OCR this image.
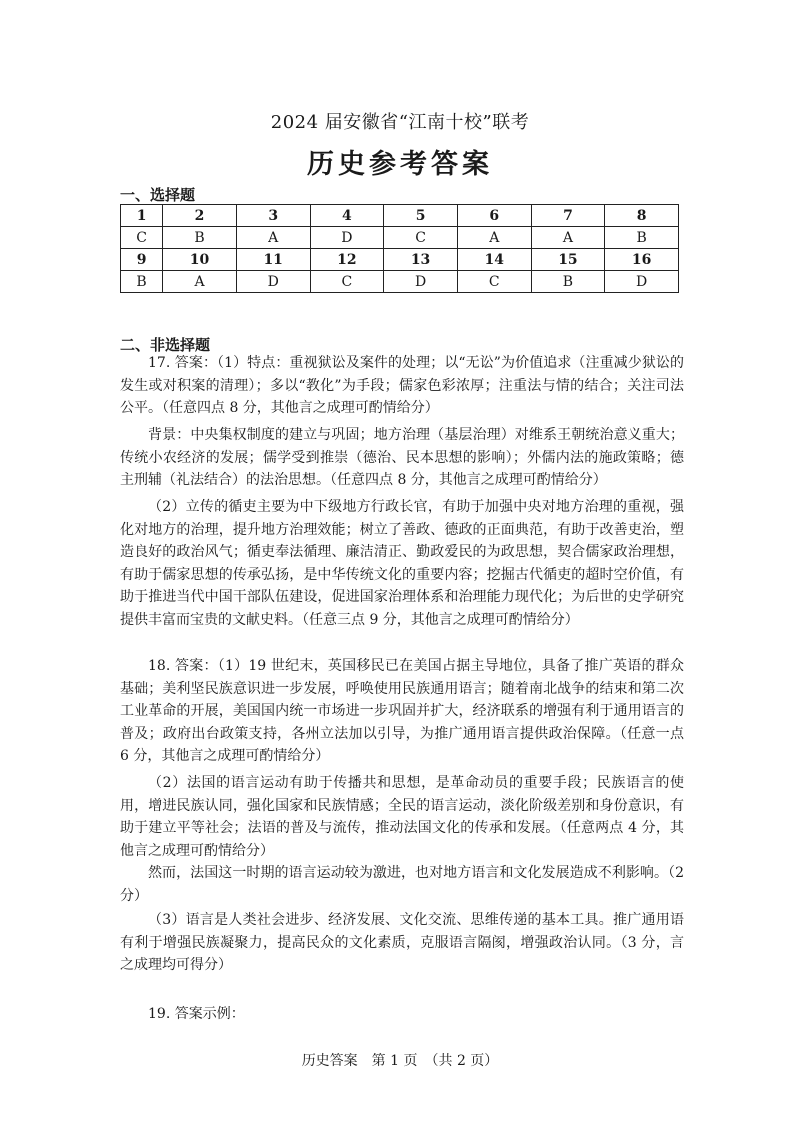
2024 届安徽省“江南十校”联考
历史参考答案
一、选择题
1	2	3	4	5	6	7	8
C	B	A	D	C	A	A	B
9	10	11	12	13	14	15	16
B	A	D	C	D	C	B	D
二、非选择题
17. 答案：（1）特点：重视狱讼及案件的处理；以“无讼”为价值追求（注重减少狱讼的发生或对积案的清理）；多以“教化”为手段；儒家色彩浓厚；注重法与情的结合；关注司法公平。（任意四点 8 分，其他言之成理可酌情给分）
背景：中央集权制度的建立与巩固；地方治理（基层治理）对维系王朝统治意义重大；传统小农经济的发展；儒学受到推崇（德治、民本思想的影响）；外儒内法的施政策略；德主刑辅（礼法结合）的法治思想。（任意四点 8 分，其他言之成理可酌情给分）
（2）立传的循吏主要为中下级地方行政长官，有助于加强中央对地方治理的重视，强化对地方的治理，提升地方治理效能；树立了善政、德政的正面典范，有助于改善吏治，塑造良好的政治风气；循吏奉法循理、廉洁清正、勤政爱民的为政思想，契合儒家政治理想，有助于儒家思想的传承弘扬，是中华传统文化的重要内容；挖掘古代循吏的超时空价值，有助于推进当代中国干部队伍建设，促进国家治理体系和治理能力现代化；为后世的史学研究提供丰富而宝贵的文献史料。（任意三点 9 分，其他言之成理可酌情给分）
18. 答案：（1）19 世纪末，英国移民已在美国占据主导地位，具备了推广英语的群众基础；美利坚民族意识进一步发展，呼唤使用民族通用语言；随着南北战争的结束和第二次工业革命的开展，美国国内统一市场进一步巩固并扩大，经济联系的增强有利于通用语言的普及；政府出台政策支持，各州立法加以引导，为推广通用语言提供政治保障。（任意一点 6 分，其他言之成理可酌情给分）
（2）法国的语言运动有助于传播共和思想，是革命动员的重要手段；民族语言的使用，增进民族认同，强化国家和民族情感；全民的语言运动，淡化阶级差别和身份意识，有助于建立平等社会；法语的普及与流传，推动法国文化的传承和发展。（任意两点 4 分，其他言之成理可酌情给分）
然而，法国这一时期的语言运动较为激进，也对地方语言和文化发展造成不利影响。（2 分）
（3）语言是人类社会进步、经济发展、文化交流、思维传递的基本工具。推广通用语有利于增强民族凝聚力，提高民众的文化素质，克服语言隔阂，增强政治认同。（3 分，言之成理均可得分）
19. 答案示例：
历史答案　第 1 页　（共 2 页）
